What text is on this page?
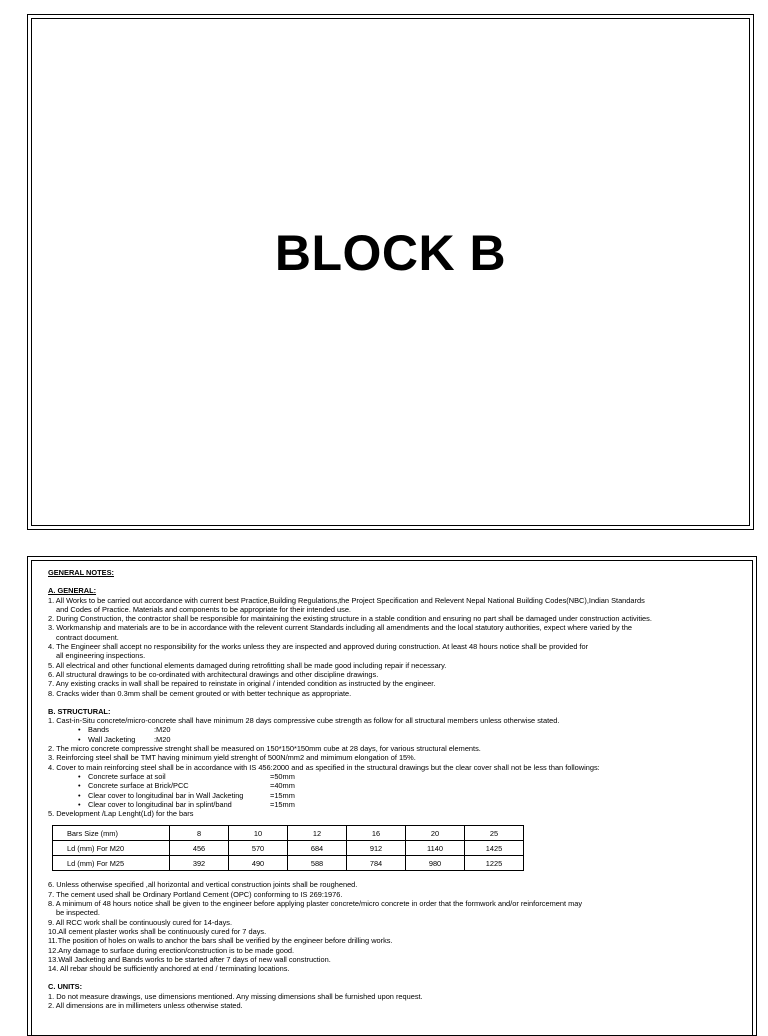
BLOCK B
GENERAL NOTES:
A. GENERAL:
1. All Works to be carried out accordance with current best Practice,Building Regulations,the Project Specification and Relevent Nepal National Building Codes(NBC),Indian Standards
and Codes of Practice. Materials and components to be appropriate for their intended use.
2. During Construction, the contractor shall be responsible for maintaining the existing structure in a stable condition and ensuring no part shall be damaged under construction activities.
3. Workmanship and materials are to be in accordance with the relevent current Standards including all amendments and the local statutory authorities, expect where varied by the
contract document.
4. The Engineer shall accept no responsibility for the works unless they are inspected and approved during construction. At least 48 hours notice shall be provided for
all engineering inspections.
5. All electrical and other functional elements damaged during retrofitting shall be made good including repair if necessary.
6. All structural drawings to be co-ordinated with architectural drawings and other discipline drawings.
7. Any existing cracks in wall shall be repaired to reinstate in original / intended condition as instructed by the engineer.
8. Cracks wider than 0.3mm shall be cement grouted or with better technique as appropriate.
B. STRUCTURAL:
1. Cast-in-Situ concrete/micro-concrete shall have minimum 28 days compressive cube strength as follow for all structural members unless otherwise stated.
• Bands	:M20
• Wall Jacketing	:M20
2. The micro concrete compressive strenght shall be measured on 150*150*150mm cube at 28 days, for various structural elements.
3. Reinforcing steel shall be TMT having minimum yield strenght of 500N/mm2 and mimimum elongation of 15%.
4. Cover to main reinforcing steel shall be in accordance with IS 456:2000 and as specified in the structural drawings but the clear cover shall not be less than followings:
• Concrete surface at soil	=50mm
• Concrete surface at Brick/PCC	=40mm
• Clear cover to longitudinal bar in Wall Jacketing	=15mm
• Clear cover to longitudinal bar in splint/band	=15mm
5. Development /Lap Lenght(Ld) for the bars
Bars Size (mm)	8	10	12	16	20	25
Ld (mm) For M20	456	570	684	912	1140	1425
Ld (mm) For M25	392	490	588	784	980	1225
6. Unless otherwise specified ,all horizontal and vertical construction joints shall be roughened.
7. The cement used shall be Ordinary Portland Cement (OPC) conforming to IS 269:1976.
8. A minimum of 48 hours notice shall be given to the engineer before applying plaster concrete/micro concrete in order that the formwork and/or reinforcement may
be inspected.
9. All RCC work shall be continuously cured for 14-days.
10.All cement plaster works shall be continuously cured for 7 days.
11.The position of holes on walls to anchor the bars shall be verified by the engineer before drilling works.
12.Any damage to surface during erection/construction is to be made good.
13.Wall Jacketing and Bands works to be started after 7 days of new wall construction.
14. All rebar should be sufficiently anchored at end / terminating locations.
C. UNITS:
1. Do not measure drawings, use dimensions mentioned. Any missing dimensions shall be furnished upon request.
2. All dimensions are in millimeters unless otherwise stated.
